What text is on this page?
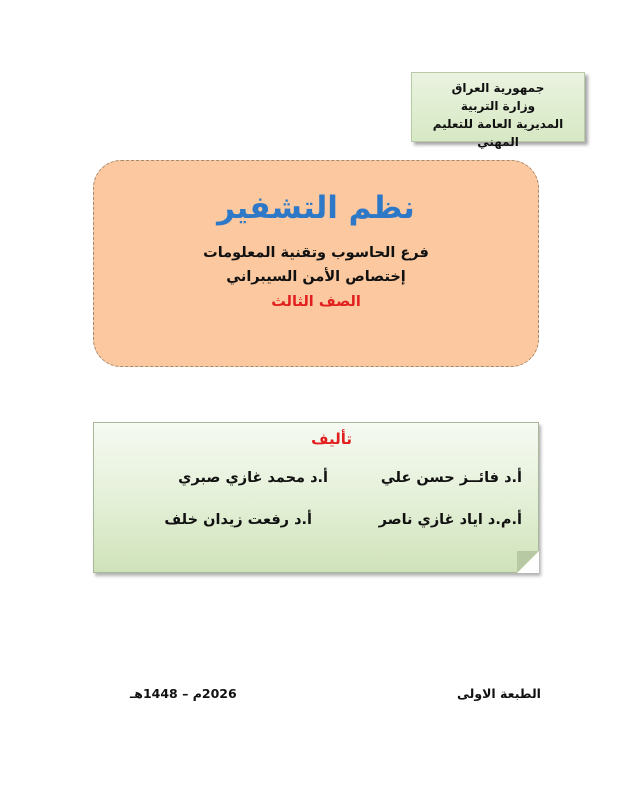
جمهورية العراق
وزارة التربية
المديرية العامة للتعليم المهني
نظم التشفير
فرع الحاسوب وتقنية المعلومات
إختصاص الأمن السيبراني
الصف الثالث
تأليف
أ.د فائــز حسن علي
أ.د محمد غازي صبري
أ.م.د اياد غازي ناصر
أ.د رفعت زيدان خلف
الطبعة الاولى
2026م – 1448هـ
